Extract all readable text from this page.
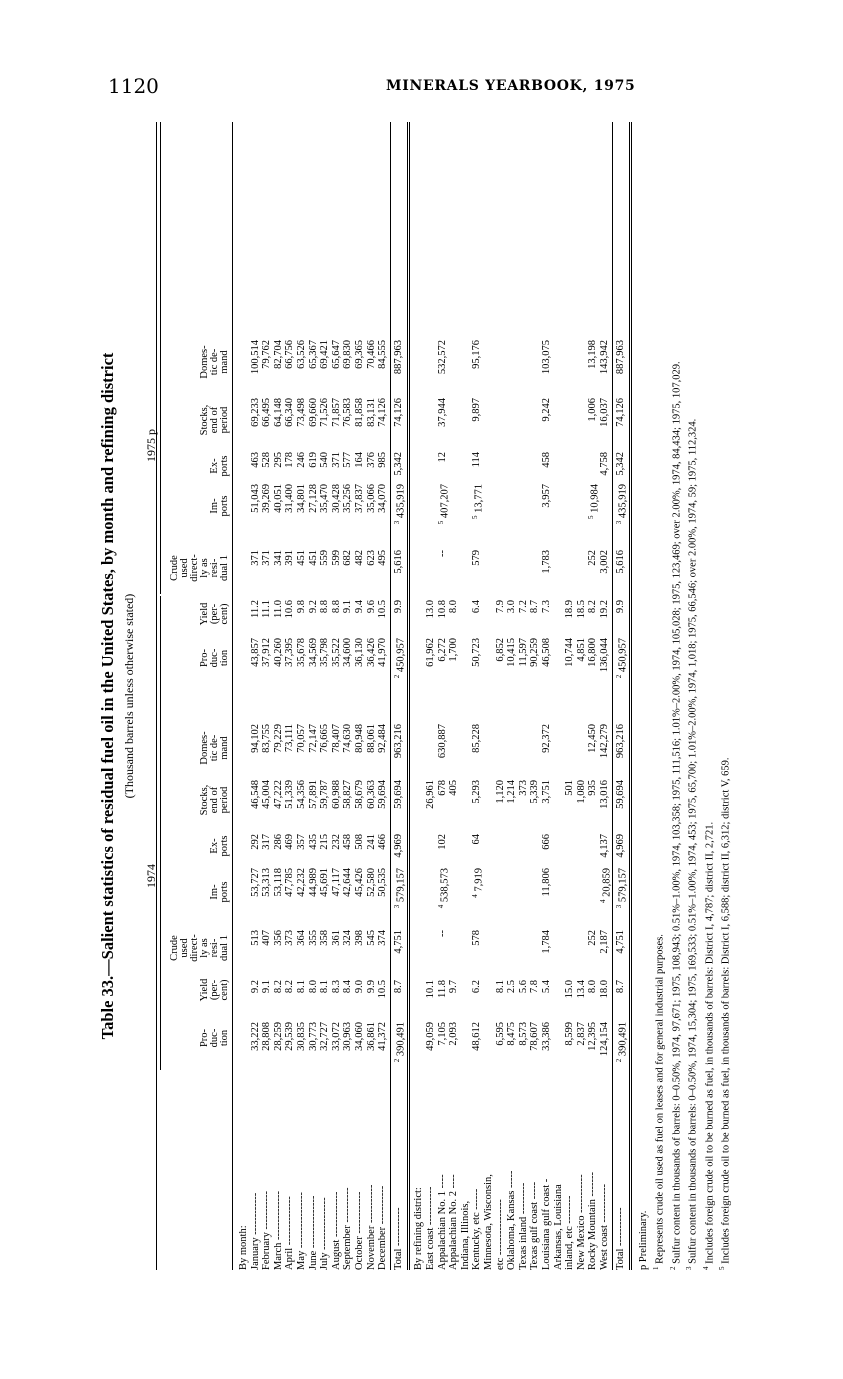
1120	MINERALS YEARBOOK, 1975
Table 33.—Salient statistics of residual fuel oil in the United States, by month and refining district (Thousand barrels unless otherwise stated)
1974
1975 p
Pro-
duc-
tion
Yield
(per-
cent)
Crude
used
direct-
ly as
resi-
dual 1
Im-
ports
Ex-
ports
Stocks,
end of
period
Domes-
tic de-
mand
Pro-
duc-
tion
Yield
(per-
cent)
Crude
used
direct-
ly as
resi-
dual 1
Im-
ports
Ex-
ports
Stocks,
end of
period
Domes-
tic de-
mand
By month: January ------------
33,222
9.2
513
53,727
292
46,548
94,102
43,857
11.2
371
51,043
463
69,233
100,514
February -----------
28,808
9.1
407
53,313
317
45,004
83,755
37,912
11.1
371
39,269
528
66,495
79,762
March --------------
28,259
8.2
356
53,118
286
47,222
79,229
40,260
11.0
341
40,051
295
64,148
82,704
April --------------
29,539
8.2
373
47,785
469
51,339
73,111
37,395
10.6
391
31,400
178
66,340
66,756
May ----------------
30,835
8.1
364
42,232
357
54,356
70,057
35,678
9.8
451
34,801
246
73,498
63,526
June ---------------
30,773
8.0
355
44,989
435
57,891
72,147
34,569
9.2
451
27,128
619
69,660
65,367
July ---------------
32,727
8.1
358
45,691
215
59,787
76,665
35,798
8.8
559
35,470
540
71,526
69,421
August -------------
33,072
8.3
361
47,117
232
60,988
78,407
35,522
8.8
599
30,428
371
71,857
65,647
September ----------
30,963
8.4
324
42,644
458
58,827
74,630
34,600
9.1
682
35,256
577
76,583
69,830
October ------------
34,060
9.0
398
45,426
508
58,679
80,948
36,130
9.4
482
37,837
164
81,858
69,365
November -----------
36,861
9.9
545
52,580
241
60,363
88,061
36,426
9.6
623
35,066
376
83,131
70,466
December -----------
41,372
10.5
374
50,535
466
59,694
92,484
41,970
10.5
495
34,070
985
74,126
84,555
Total -----------
$^2$ 390,491
8.7
4,751
$^3$ 579,157
4,969
59,694
963,216
$^2$ 450,957
9.9
5,616
$^3$ 435,919
5,342
74,126
887,963
By refining district: East coast -----------
49,059
10.1
26,961
61,962
13.0
Appalachian No. 1 ----
7,105
11.8
--
$^4$ 538,573
102
678
630,887
6,272
10.8
--
$^5$ 407,207
12
37,944
532,572
Appalachian No. 2 ----
2,093
9.7
405
1,700
8.0
Indiana, Illinois, Kentucky, etc ------
48,612
6.2
578
$^4$ 7,919
64
5,293
85,228
50,723
6.4
579
$^5$ 13,771
114
9,897
95,176
Minnesota, Wisconsin, etc ----------------
6,595
8.1
1,120
6,852
7.9
Oklahoma, Kansas -----
8,475
2.5
1,214
10,415
3.0
Texas inland ---------
8,573
5.6
373
11,597
7.2
Texas gulf coast -----
78,607
7.8
5,339
90,259
8.7
Louisiana gulf coast -
33,386
5.4
1,784
11,806
666
3,751
92,372
46,508
7.3
1,783
3,957
458
9,242
103,075
Arkansas, Louisiana inland, etc --------
8,599
15.0
501
10,744
18.9
New Mexico -----------
2,837
13.4
1,080
4,851
18.5
Rocky Mountain -------
12,395
8.0
252
935
12,450
16,800
8.2
252
$^5$ 10,984
1,006
13,198
West coast -----------
124,154
18.0
2,187
$^4$ 20,859
4,137
13,016
142,279
136,044
19.2
3,002
4,758
16,037
143,942
Total -----------
$^2$ 390,491
8.7
4,751
$^3$ 579,157
4,969
59,694
963,216
$^2$ 450,957
9.9
5,616
$^3$ 435,919
5,342
74,126
887,963
p Preliminary. $^1$ Represents crude oil used as fuel on leases and for general industrial purposes.
$^2$ Sulfur content in thousands of barrels: 0–0.50%, 1974, 97,671; 1975, 108,943; 0.51%–1.00%, 1974, 103,358; 1975, 111,516; 1.01%–2.00%, 1974, 105,028; 1975, 123,469; over 2.00%, 1974, 84,434; 1975, 107,029.
$^3$ Sulfur content in thousands of barrels: 0–0.50%, 1974, 15,304; 1975, 169,533; 0.51%–1.00%, 1974, 453; 1975, 65,700; 1.01%–2.00%, 1974, 1,018; 1975, 66,546; over 2.00%, 1974, 59; 1975, 112,324.
$^4$ Includes foreign crude oil to be burned as fuel, in thousands of barrels: District I, 4,787; district II, 2,721.
$^5$ Includes foreign crude oil to be burned as fuel, in thousands of barrels: District I, 6,588; district II, 6,312; district V, 659.
